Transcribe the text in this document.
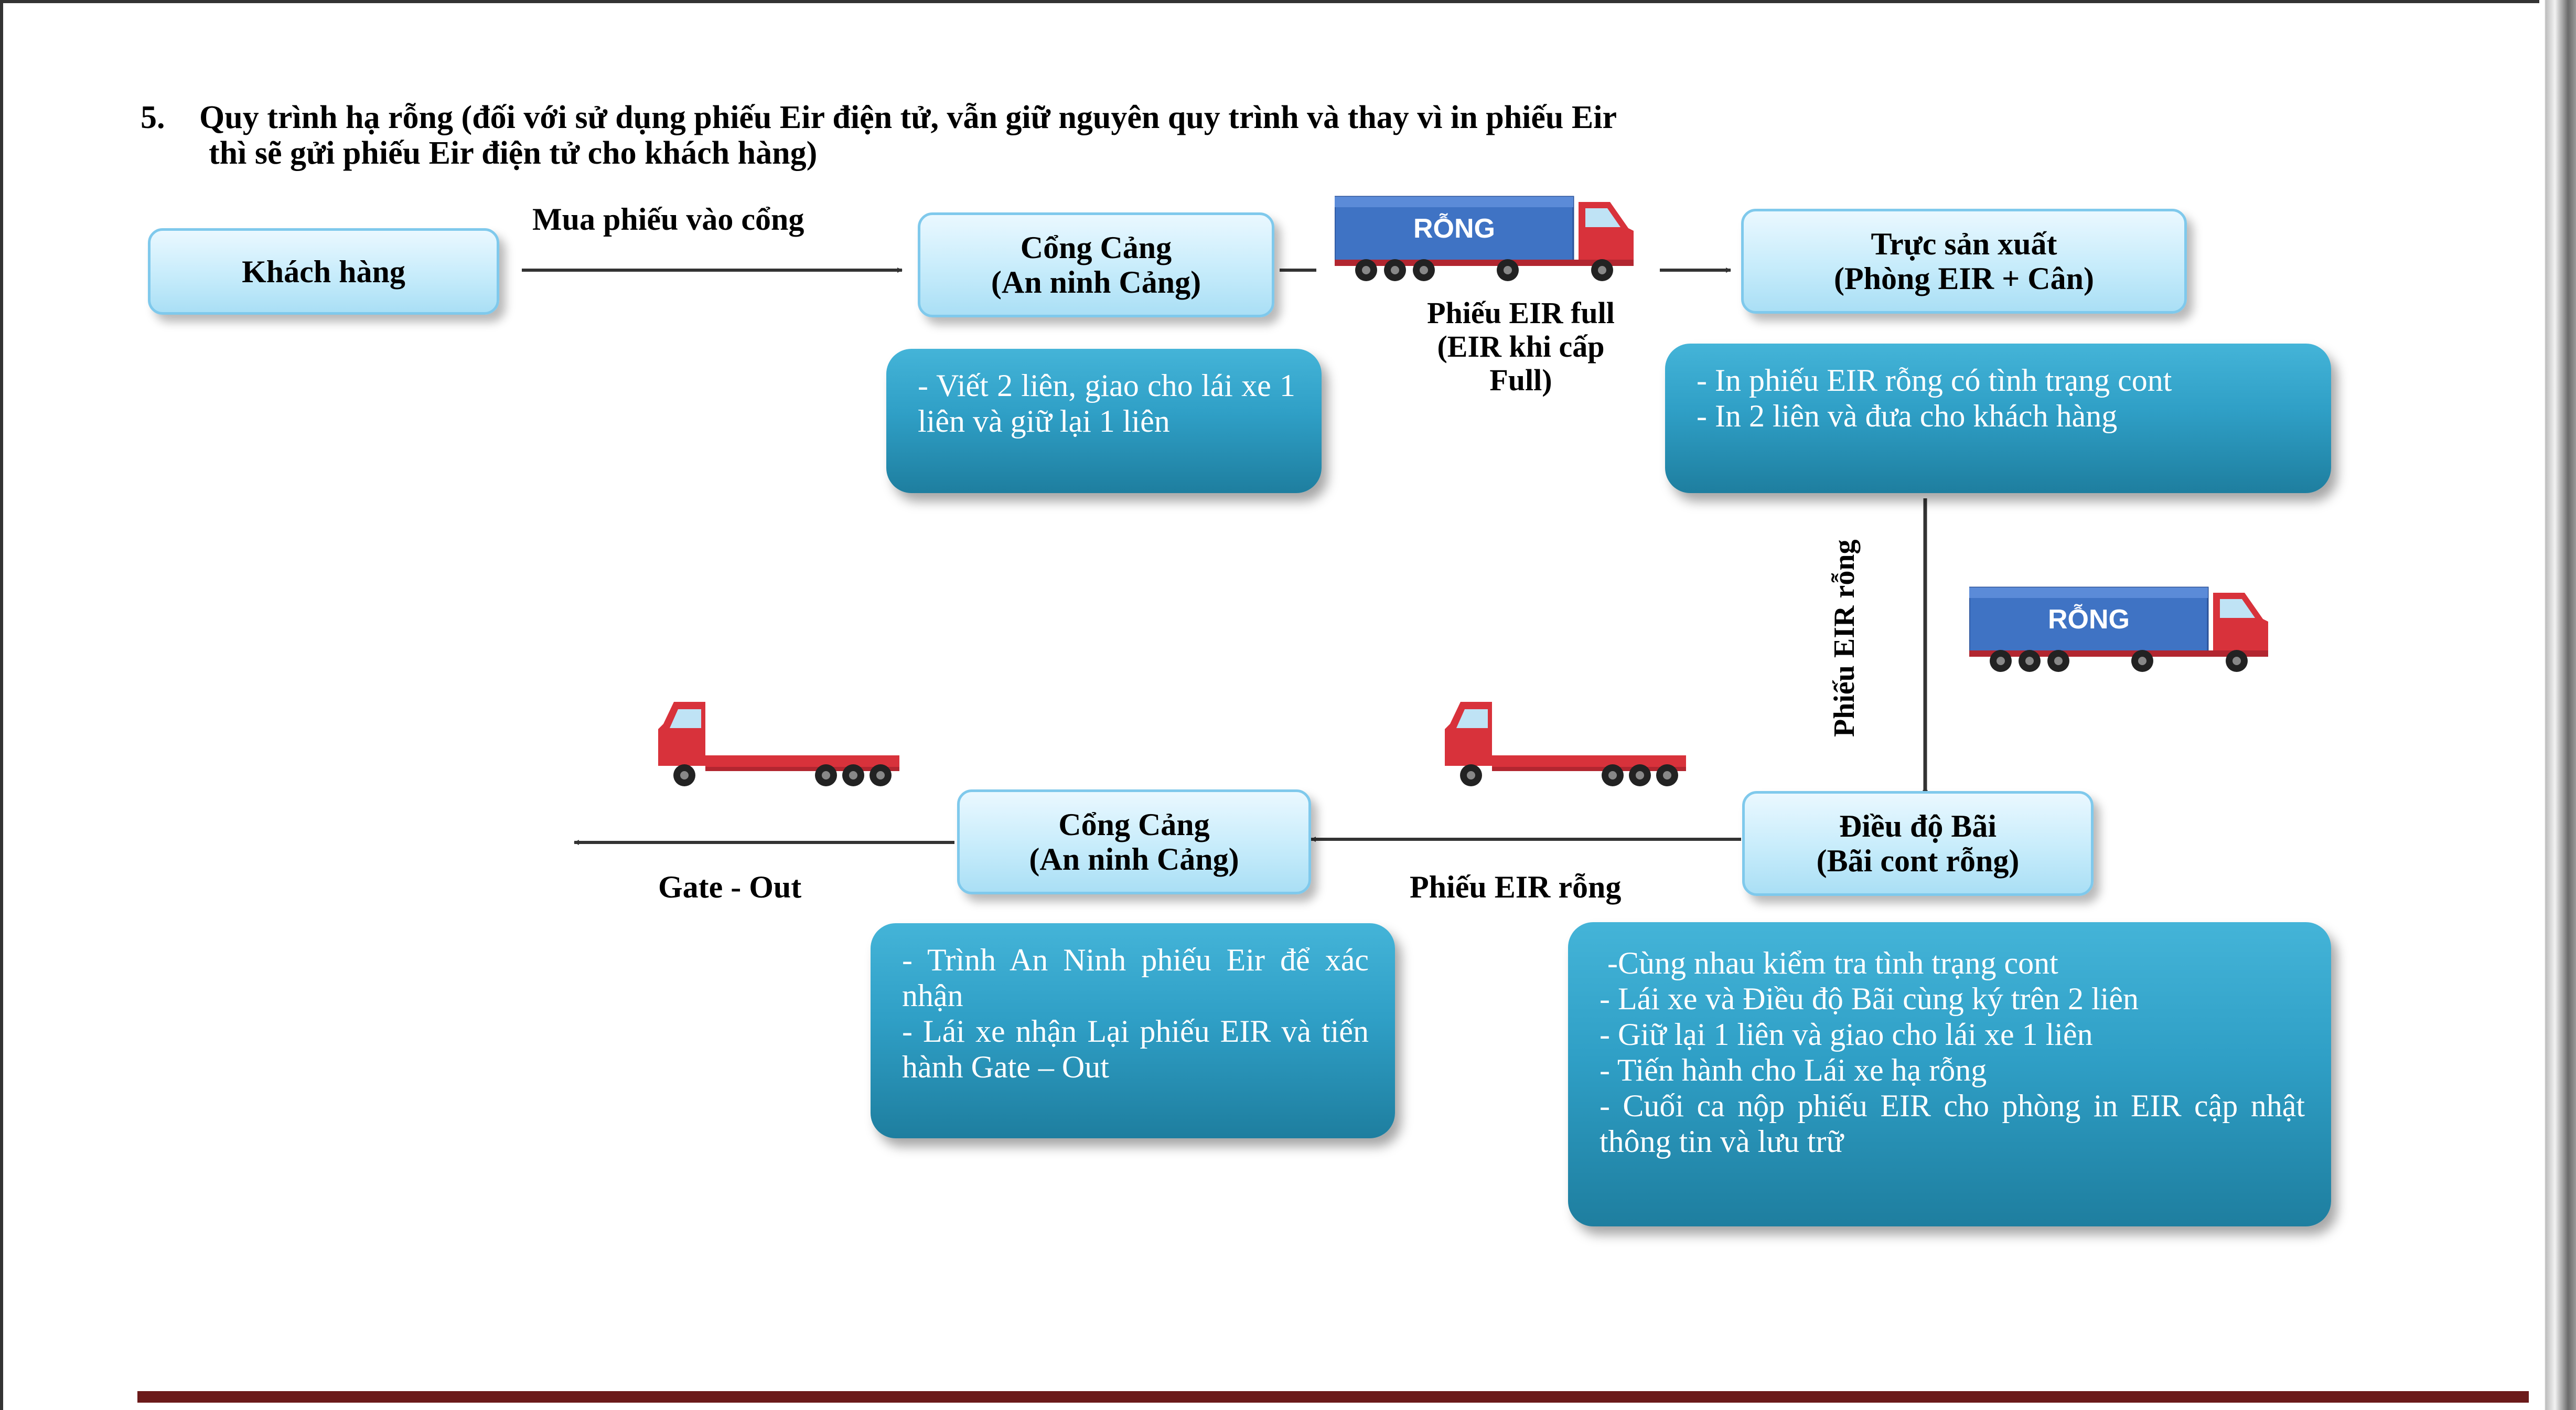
5. Quy trình hạ rỗng (đối với sử dụng phiếu Eir điện tử, vẫn giữ nguyên quy trình và thay vì in phiếu Eir
thì sẽ gửi phiếu Eir điện tử cho khách hàng)
Khách hàng
Cổng Cảng
(An ninh Cảng)
Trực sản xuất
(Phòng EIR + Cân)
Điều độ Bãi
(Bãi cont rỗng)
Cổng Cảng
(An ninh Cảng)
- Viết 2 liên, giao cho lái xe 1 liên và giữ lại 1 liên
- In phiếu EIR rỗng có tình trạng cont
- In 2 liên và đưa cho khách hàng
- Trình An Ninh phiếu Eir để xác nhận
- Lái xe nhận Lại phiếu EIR và tiến hành Gate – Out
-Cùng nhau kiểm tra tình trạng cont
- Lái xe và Điều độ Bãi cùng ký trên 2 liên
- Giữ lại 1 liên và giao cho lái xe 1 liên
- Tiến hành cho Lái xe hạ rỗng
- Cuối ca nộp phiếu EIR cho phòng in EIR cập nhật thông tin và lưu trữ
Mua phiếu vào cổng
Phiếu EIR full
(EIR khi cấp
Full)
Phiếu EIR rỗng
Phiếu EIR rỗng
Gate - Out
RỖNG
RỖNG
